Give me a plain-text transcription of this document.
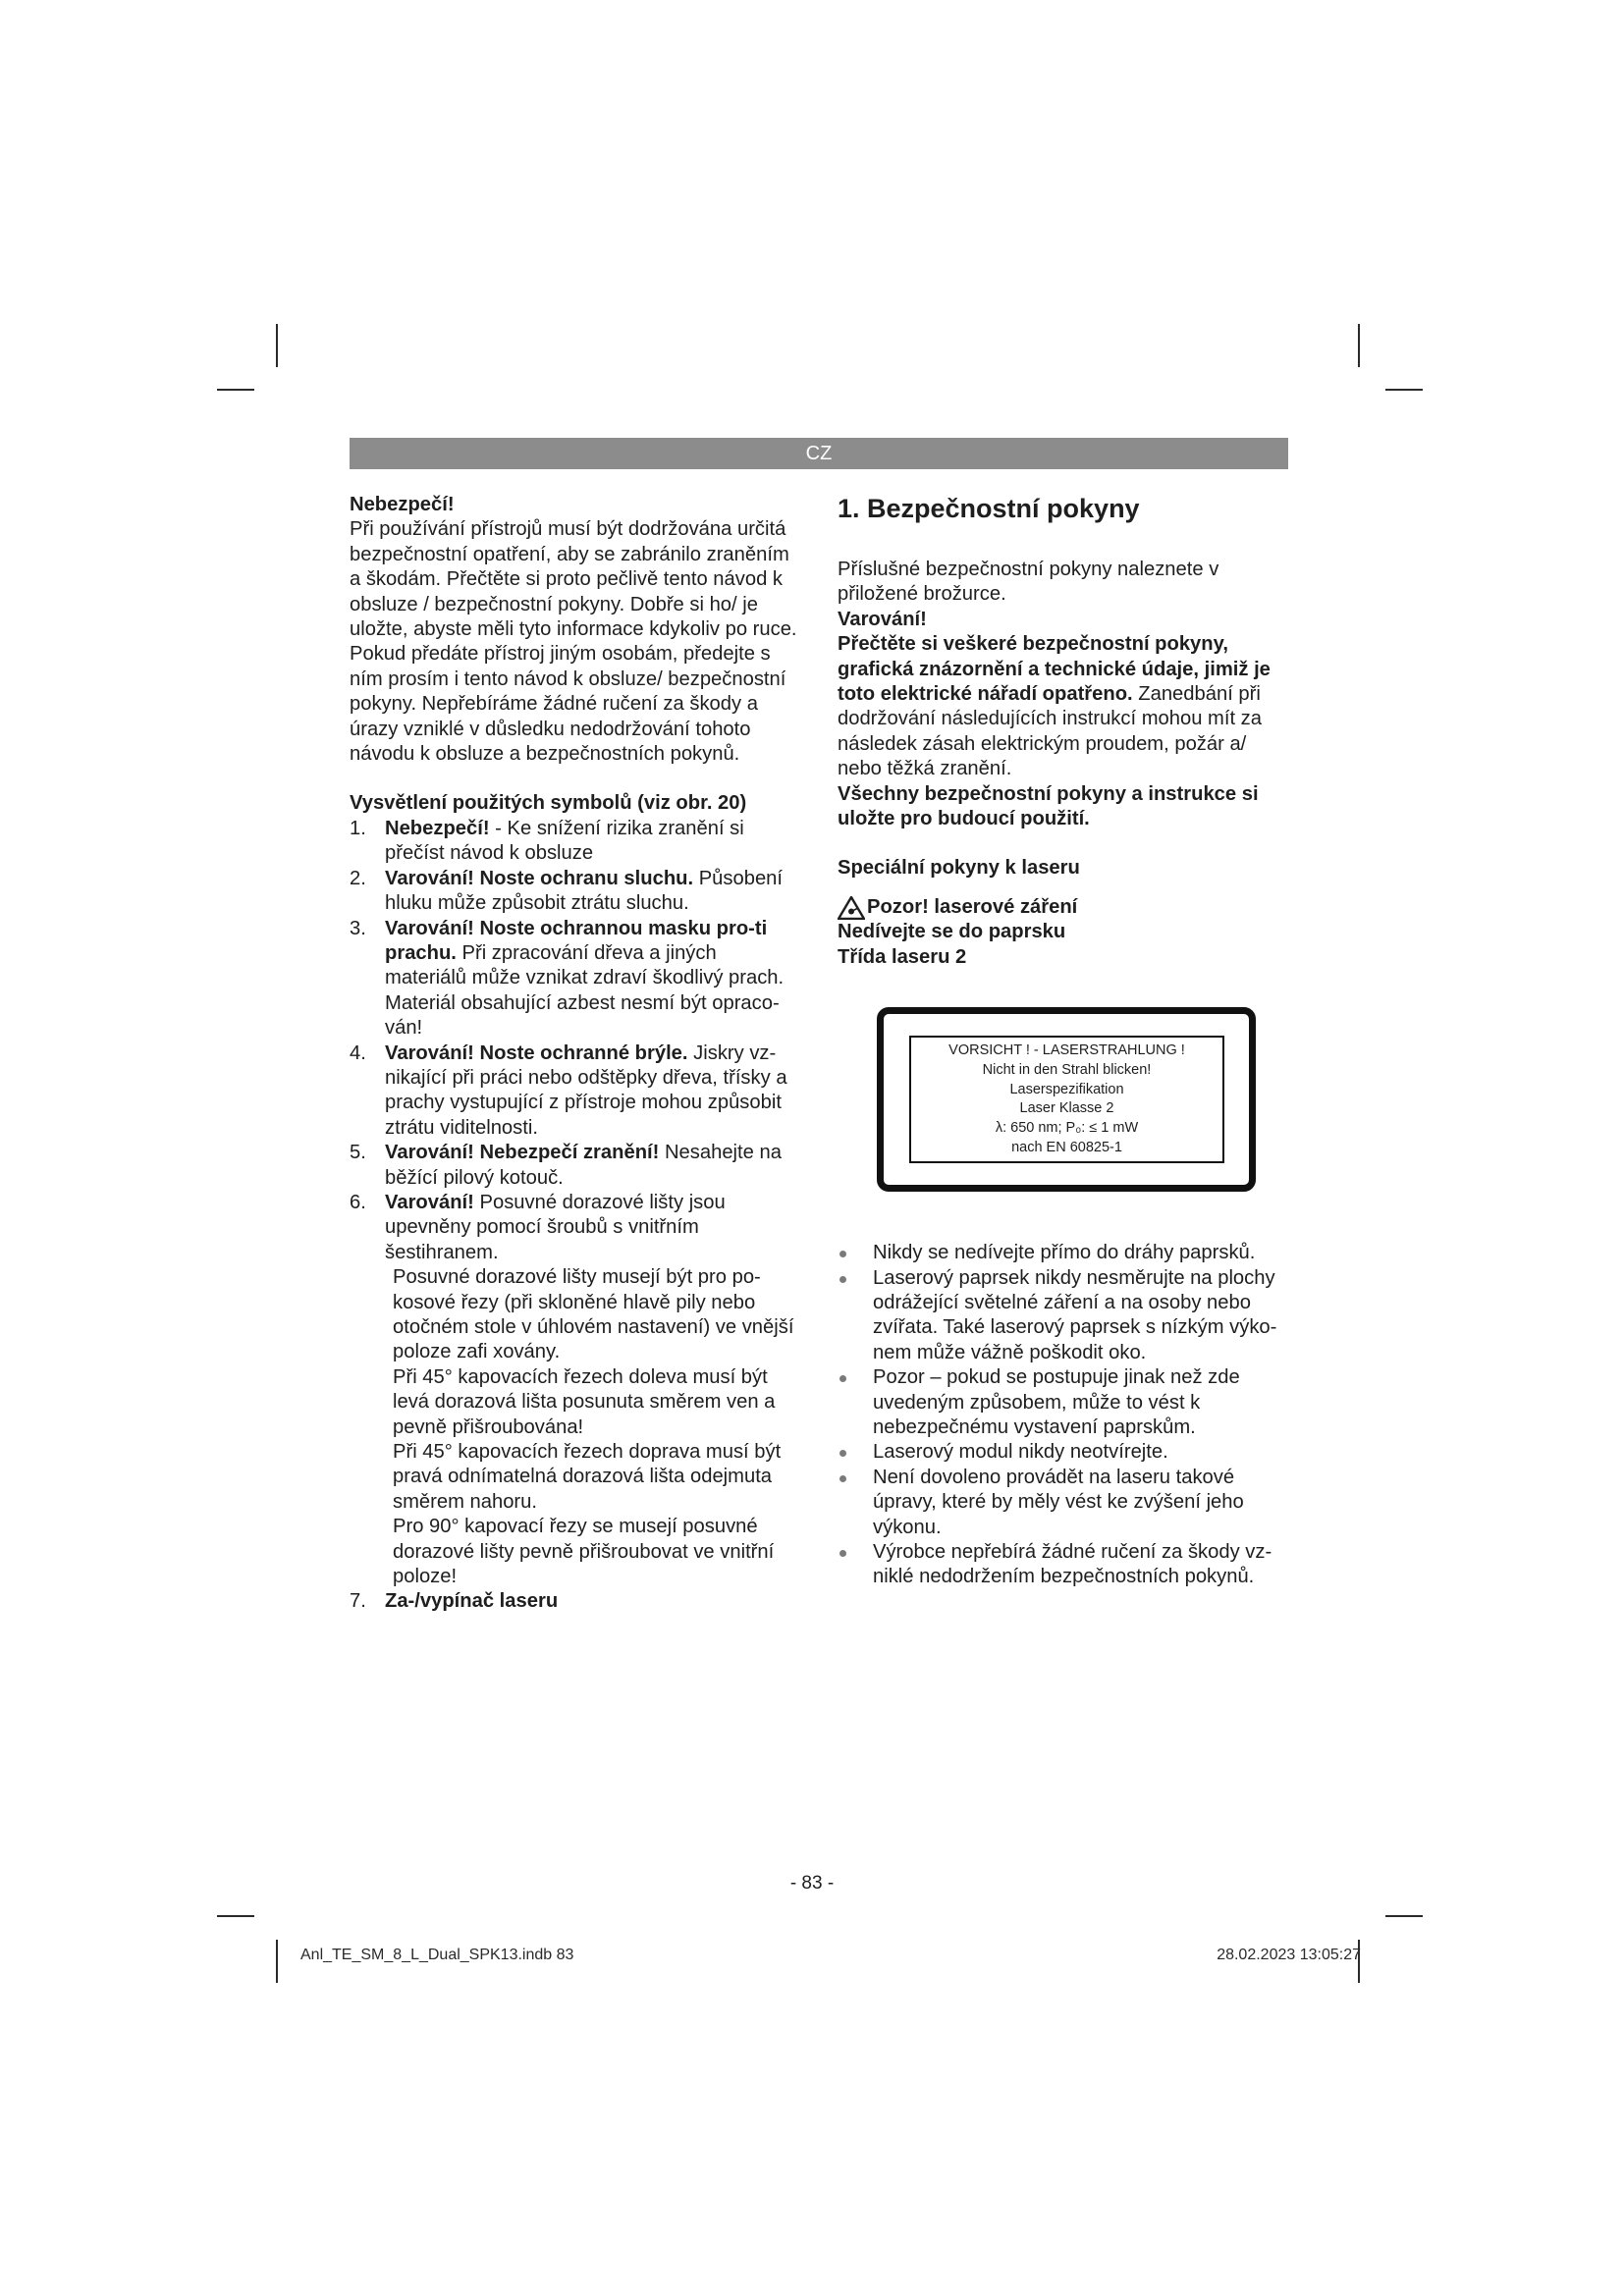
CZ

Nebezpečí!

Při používání přístrojů musí být dodržována určitá bezpečnostní opatření, aby se zabránilo zraněním a škodám. Přečtěte si proto pečlivě tento návod k obsluze / bezpečnostní pokyny. Dobře si ho/ je uložte, abyste měli tyto informace kdykoliv po ruce. Pokud předáte přístroj jiným osobám, předejte s ním prosím i tento návod k obsluze/ bezpečnostní pokyny. Nepřebíráme žádné ručení za škody a úrazy vzniklé v důsledku nedodržování tohoto návodu k obsluze a bezpečnostních pokynů.

Vysvětlení použitých symbolů (viz obr. 20)

1. Nebezpečí! - Ke snížení rizika zranění si přečíst návod k obsluze
2. Varování! Noste ochranu sluchu. Působení hluku může způsobit ztrátu sluchu.
3. Varování! Noste ochrannou masku pro-ti prachu. Při zpracování dřeva a jiných materiálů může vznikat zdraví škodlivý prach. Materiál obsahující azbest nesmí být opraco-ván!
4. Varování! Noste ochranné brýle. Jiskry vz-nikající při práci nebo odštěpky dřeva, třísky a prachy vystupující z přístroje mohou způsobit ztrátu viditelnosti.
5. Varování! Nebezpečí zranění! Nesahejte na běžící pilový kotouč.
6. Varování! Posuvné dorazové lišty jsou upevněny pomocí šroubů s vnitřním šestihranem.

Posuvné dorazové lišty musejí být pro po-kosové řezy (při skloněné hlavě pily nebo otočném stole v úhlovém nastavení) ve vnější poloze zafi xovány.

Při 45° kapovacích řezech doleva musí být levá dorazová lišta posunuta směrem ven a pevně přišroubována!

Při 45° kapovacích řezech doprava musí být pravá odnímatelná dorazová lišta odejmuta směrem nahoru.

Pro 90° kapovací řezy se musejí posuvné dorazové lišty pevně přišroubovat ve vnitřní poloze!

7. Za-/vypínač laseru
1. Bezpečnostní pokyny

Příslušné bezpečnostní pokyny naleznete v přiložené brožurce.

Varování!

Přečtěte si veškeré bezpečnostní pokyny, grafická znázornění a technické údaje, jimiž je toto elektrické nářadí opatřeno. Zanedbání při dodržování následujících instrukcí mohou mít za následek zásah elektrickým proudem, požár a/ nebo těžká zranění.

Všechny bezpečnostní pokyny a instrukce si uložte pro budoucí použití.

Speciální pokyny k laseru

Pozor! laserové záření

Nedívejte se do paprsku

Třída laseru 2

VORSICHT ! - LASERSTRAHLUNG !
Nicht in den Strahl blicken!
Laserspezifikation
Laser Klasse 2
λ: 650 nm; P₀: ≤ 1 mW
nach EN 60825-1
Nikdy se nedívejte přímo do dráhy paprsků.
Laserový paprsek nikdy nesměrujte na plochy odrážející světelné záření a na osoby nebo zvířata. Také laserový paprsek s nízkým výko-nem může vážně poškodit oko.
Pozor – pokud se postupuje jinak než zde uvedeným způsobem, může to vést k nebezpečnému vystavení paprskům.
Laserový modul nikdy neotvírejte.
Není dovoleno provádět na laseru takové úpravy, které by měly vést ke zvýšení jeho výkonu.
Výrobce nepřebírá žádné ručení za škody vz-niklé nedodržením bezpečnostních pokynů.
- 83 -
Anl_TE_SM_8_L_Dual_SPK13.indb 83	28.02.2023 13:05:27
